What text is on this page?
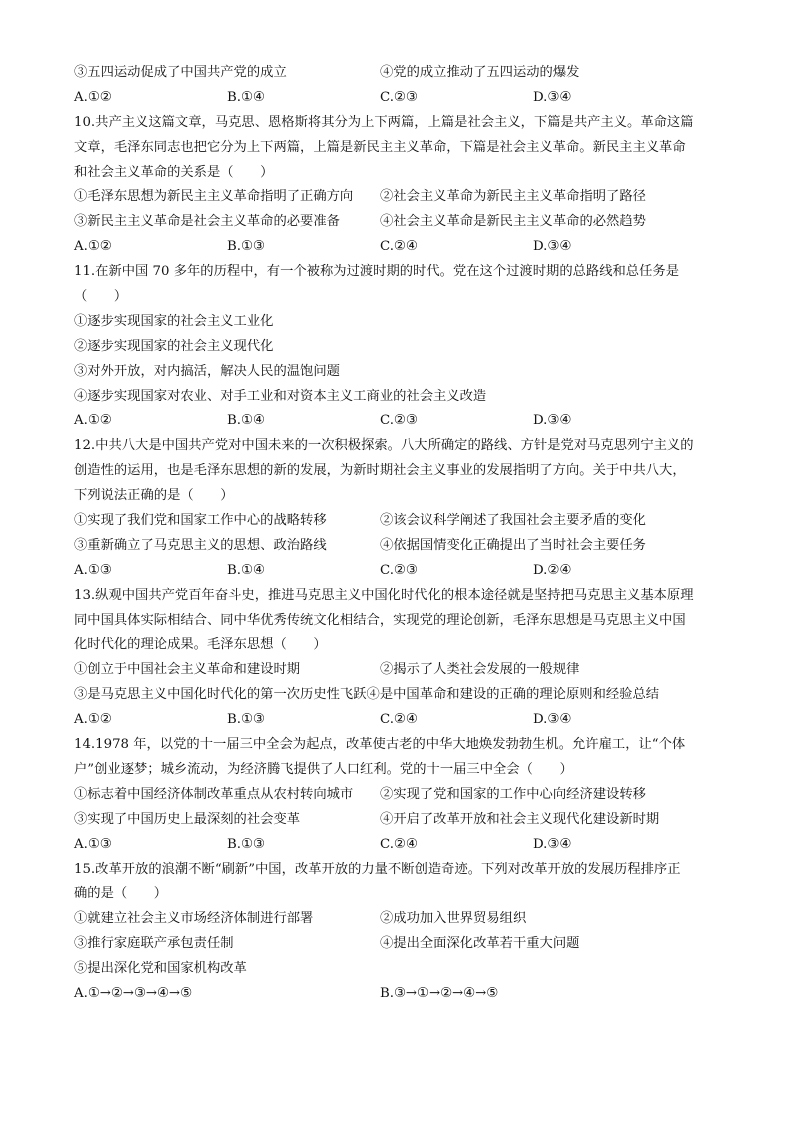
③五四运动促成了中国共产党的成立	④党的成立推动了五四运动的爆发
A.①②	B.①④	C.②③	D.③④
10.共产主义这篇文章，马克思、恩格斯将其分为上下两篇，上篇是社会主义，下篇是共产主义。革命这篇
文章，毛泽东同志也把它分为上下两篇，上篇是新民主主义革命，下篇是社会主义革命。新民主主义革命
和社会主义革命的关系是（　　）
①毛泽东思想为新民主主义革命指明了正确方向	②社会主义革命为新民主主义革命指明了路径
③新民主主义革命是社会主义革命的必要准备	④社会主义革命是新民主主义革命的必然趋势
A.①②	B.①③	C.②④	D.③④
11.在新中国 70 多年的历程中，有一个被称为过渡时期的时代。党在这个过渡时期的总路线和总任务是
（　　）
①逐步实现国家的社会主义工业化
②逐步实现国家的社会主义现代化
③对外开放，对内搞活，解决人民的温饱问题
④逐步实现国家对农业、对手工业和对资本主义工商业的社会主义改造
A.①②	B.①④	C.②③	D.③④
12.中共八大是中国共产党对中国未来的一次积极探索。八大所确定的路线、方针是党对马克思列宁主义的
创造性的运用，也是毛泽东思想的新的发展，为新时期社会主义事业的发展指明了方向。关于中共八大，
下列说法正确的是（　　）
①实现了我们党和国家工作中心的战略转移	②该会议科学阐述了我国社会主要矛盾的变化
③重新确立了马克思主义的思想、政治路线	④依据国情变化正确提出了当时社会主要任务
A.①③	B.①④	C.②③	D.②④
13.纵观中国共产党百年奋斗史，推进马克思主义中国化时代化的根本途径就是坚持把马克思主义基本原理
同中国具体实际相结合、同中华优秀传统文化相结合，实现党的理论创新，毛泽东思想是马克思主义中国
化时代化的理论成果。毛泽东思想（　　）
①创立于中国社会主义革命和建设时期	②揭示了人类社会发展的一般规律
③是马克思主义中国化时代化的第一次历史性飞跃④是中国革命和建设的正确的理论原则和经验总结
A.①②	B.①③	C.②④	D.③④
14.1978 年，以党的十一届三中全会为起点，改革使古老的中华大地焕发勃勃生机。允许雇工，让“个体
户”创业逐梦；城乡流动，为经济腾飞提供了人口红利。党的十一届三中全会（　　）
①标志着中国经济体制改革重点从农村转向城市	②实现了党和国家的工作中心向经济建设转移
③实现了中国历史上最深刻的社会变革	④开启了改革开放和社会主义现代化建设新时期
A.①③	B.①③	C.②④	D.③④
15.改革开放的浪潮不断“刷新”中国，改革开放的力量不断创造奇迹。下列对改革开放的发展历程排序正
确的是（　　）
①就建立社会主义市场经济体制进行部署	②成功加入世界贸易组织
③推行家庭联产承包责任制	④提出全面深化改革若干重大问题
⑤提出深化党和国家机构改革
A.①→②→③→④→⑤	B.③→①→②→④→⑤
